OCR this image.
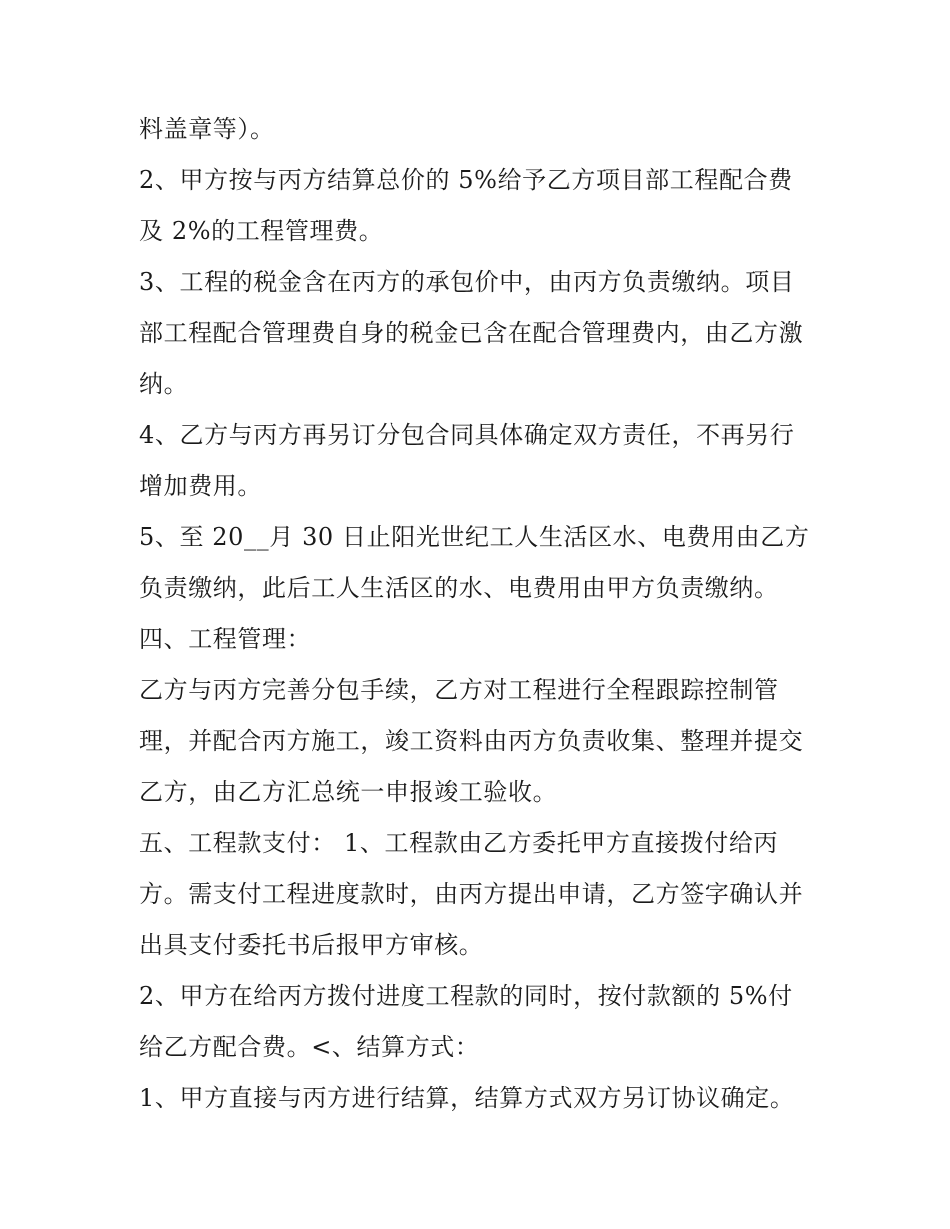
料盖章等）。
2、甲方按与丙方结算总价的 5%给予乙方项目部工程配合费
及 2%的工程管理费。
3、工程的税金含在丙方的承包价中，由丙方负责缴纳。项目
部工程配合管理费自身的税金已含在配合管理费内，由乙方激
纳。
4、乙方与丙方再另订分包合同具体确定双方责任，不再另行
增加费用。
5、至 20__月 30 日止阳光世纪工人生活区水、电费用由乙方
负责缴纳，此后工人生活区的水、电费用由甲方负责缴纳。
四、工程管理：
乙方与丙方完善分包手续，乙方对工程进行全程跟踪控制管
理，并配合丙方施工，竣工资料由丙方负责收集、整理并提交
乙方，由乙方汇总统一申报竣工验收。
五、工程款支付： 1、工程款由乙方委托甲方直接拨付给丙
方。需支付工程进度款时，由丙方提出申请，乙方签字确认并
出具支付委托书后报甲方审核。
2、甲方在给丙方拨付进度工程款的同时，按付款额的 5%付
给乙方配合费。<、结算方式：
1、甲方直接与丙方进行结算，结算方式双方另订协议确定。
